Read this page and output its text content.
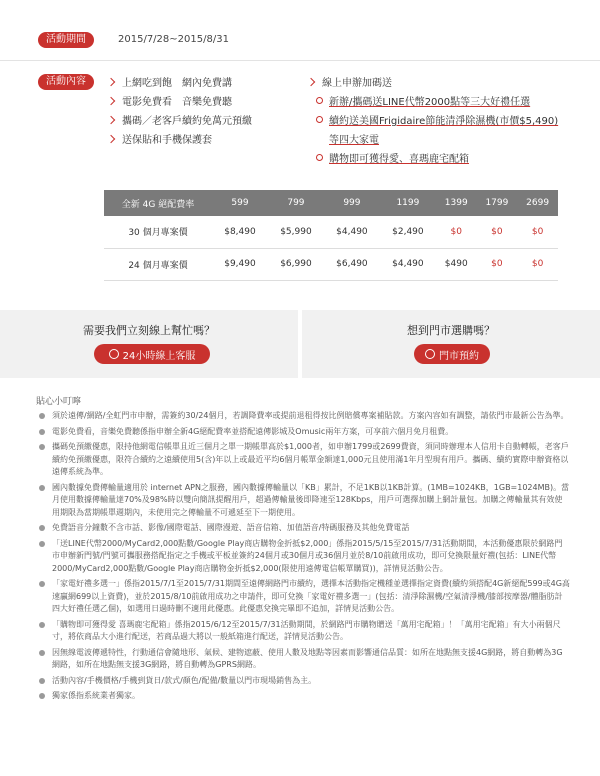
活動期間	2015/7/28~2015/8/31
活動內容	上網吃到飽　網內免費講
電影免費看　音樂免費聽
攜碼／老客戶續約免萬元預繳
送保貼和手機保護套
線上申辦加碼送
新辦/攜碼送LINE代幣2000點等三大好禮任選
續約送美國Frigidaire節能清淨除濕機(市價$5,490)
等四大家電
購物即可獲得愛、喜瑪鹿宅配箱
全新 4G 絕配費率	599	799	999	1199	1399	1799	2699
30 個月專案價	$8,490	$5,990	$4,490	$2,490	$0	$0	$0
24 個月專案價	$9,490	$6,990	$6,490	$4,490	$490	$0	$0
需要我們立刻線上幫忙嗎？
24小時線上客服
想到門市選購嗎？
門市預約
貼心小叮嚀
須於遠傳/網路/全虹門市申辦，需簽約30/24個月，若調降費率或提前退租得按比例賠償專案補貼款。方案內容如有調整，請依門市最新公告為準。
電影免費看，音樂免費聽係指申辦全新4G絕配費率並搭配遠傳影城及Omusic兩年方案，可享前六個月免月租費。
攜碼免預繳優惠，限持他網電信帳單且近三個月之單一期帳單高於$1,000者，如申辦1799或2699費資，須同時辦理本人信用卡自動轉帳，老客戶續約免預繳優惠，限符合續約之遠續使用5(含)年以上或最近平均6個月帳單金額達1,000元且使用滿1年月型現有用戶。攜碼、續約實際申辦資格以遠傳系統為準。
國內數據免費傳輸量適用於 internet APN之服務，國內數據傳輸量以「KB」累計，不足1KB以1KB計算。(1MB=1024KB，1GB=1024MB)。當月使用數據傳輸量達70%及98%時以雙向簡訊提醒用戶，超過傳輸量後即降速至128Kbps，用戶可選擇加購上網計量包。加購之傳輸量其有效使用期限為當期帳單週期內，未使用完之傳輸量不可遞延至下一期使用。
免費語音分鐘數不含市話、影像/國際電話、國際漫遊、語音信箱、加值語音/特碼服務及其他免費電話
「送LINE代幣2000/MyCard2,000點數/Google Play商店購物金折抵$2,000」係指2015/5/15至2015/7/31活動期間，本活動優惠限於網路門市申辦新門號/門號可攜服務搭配指定之手機或平板並簽約24個月或30個月或36個月並於8/10前啟用成功，即可兌換限量好禮(包括：LINE代幣2000/MyCard2,000點數/Google Play商店購物金折抵$2,000(限使用遠傳電信帳單購買))，詳情見活動公告。
「家電好禮多選一」係指2015/7/1至2015/7/31期間至遠傳網路門市續約，選擇本活動指定機種並選擇指定資費(續約須搭配4G新絕配599或4G高速贏網699以上資費)，並於2015/8/10前啟用成功之申請件，即可兌換「家電好禮多選一」(包括：清淨除濕機/空氣清淨機/膝部按摩器/體脂肪計四大好禮任選乙個)，如選用日過時刪不適用此優惠。此優惠兌換完畢即不追加，詳情見活動公告。
「購物即可獲得愛 喜瑪鹿宅配箱」係指2015/6/12至2015/7/31活動期間，於網路門市購物贈送「萬用宅配箱」！「萬用宅配箱」有大小兩個尺寸，將依商品大小進行配送，若商品過大將以一般紙箱進行配送，詳情見活動公告。
因無線電波傳遞特性，行動通信會隨地形、氣候、建物遮蔽、使用人數及地點等因素而影響通信品質：如所在地點無支援4G網路，將自動轉為3G網路，如所在地點無支援3G網路，將自動轉為GPRS網路。
活動內容/手機價格/手機到貨日/款式/顏色/配備/數量以門市現場銷售為主。
獨家係指系統業者獨家。
